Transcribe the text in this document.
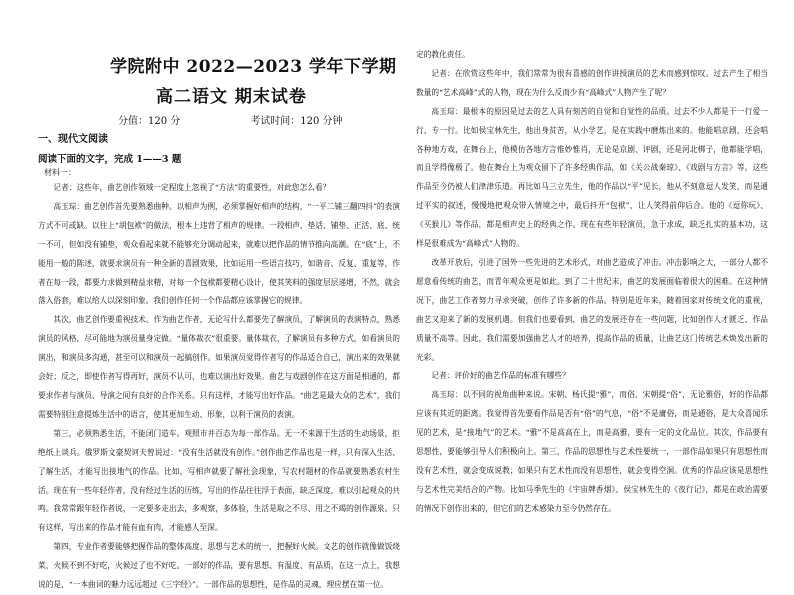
学院附中 2022—2023 学年下学期
高二语文 期末试卷
分值：120 分	考试时间：120 分钟
一、现代文阅读
阅读下面的文字，完成 1——3 题
材料一：

记者：这些年，曲艺创作领域一定程度上忽视了“方法”的重要性，对此您怎么看？

高玉琮：曲艺创作首先要熟悉曲种。以相声为例，必须掌握好相声的结构，“一平二铺三翻四抖”的表演方式不可或缺。以往上“胡包袱”的做法，根本上违背了相声的规律。一段相声，垫话、铺垫、正活、底、统一不可，但如没有铺垫，观众看起来就不能够充分调动起来，就难以把作品的情节推向高潮。在“底”上，不能用一般的陈述，就要求演员有一种全新的喜剧效果，比如运用一些语言技巧，如谐音、反复、重复等，作者在每一段，都要力求做到精益求精，对每一个包袱都要精心设计，使其笑料的强度层层递增，不然，就会落入俗套，难以给人以深刻印象。我们创作任何一个作品都应该掌握它的规律。

其次，曲艺创作要重视技术。作为曲艺作者，无论写什么都要先了解演员，了解演员的表演特点，熟悉演员的风格，尽可能地为演员量身定做。“量体裁衣”很重要。量体裁衣、了解演员有多种方式，如看演员的演出，和演员多沟通，甚至可以和演员一起搞创作。如果演员觉得作者写的作品适合自己，演出来的效果就会好；反之，即使作者写得再好，演员不认可，也难以演出好效果。曲艺与戏剧创作在这方面是相通的，都要求作者与演员、导演之间有良好的合作关系。只有这样，才能写出好作品。“曲艺是最大众的艺术”，我们需要特别注意提炼生活中的语言，使其更加生动、形象，以利于演员的表演。

第三，必须熟悉生活，不能闭门造车。观照市井百态为每一部作品。无一不来源于生活的生动场景，拒绝纸上谈兵。俄罗斯文豪契诃夫曾说过：“没有生活就没有创作。”创作曲艺作品也是一样，只有深入生活、了解生活，才能写出接地气的作品。比如，写相声就要了解社会现象，写农村题材的作品就要熟悉农村生活。现在有一些年轻作者，没有经过生活的历练，写出的作品往往浮于表面，缺乏深度，难以引起观众的共鸣。我常常跟年轻作者说，一定要多走出去，多观察，多体验，生活是取之不尽、用之不竭的创作源泉。只有这样，写出来的作品才能有血有肉，才能感人至深。

第四，专业作者要能够把握作品的整体高度、思想与艺术的统一，把握好火候。文艺的创作就像做饭烧菜，火候不到不好吃，火候过了也不好吃。一部好的作品，要有思想、有温度、有品质。在这一点上，我想说的是，“一本曲词的魅力远远超过《三字经》”。一部作品的思想性，是作品的灵魂，理应摆在第一位。

定的教化责任。

记者：在欣赏这些年中，我们常常为很有喜感的创作讲授演员的艺术而感到惊叹。过去产生了相当数量的“艺术高峰”式的人物，现在为什么反而少有“高峰式”人物产生了呢？

高玉琮：最根本的原因是过去的艺人具有刻苦的自觉和自觉性的品质。过去不少人都是干一行爱一行，专一行。比如侯宝林先生，他出身贫苦，从小学艺，是在实践中磨炼出来的。他能唱京剧，还会唱各种地方戏，在舞台上，他模仿各地方言惟妙惟肖，无论是京剧、评剧，还是河北梆子，他都能学唱，而且学得像极了。他在舞台上为观众留下了许多经典作品，如《关公战秦琼》、《戏剧与方言》等。这些作品至今仍被人们津津乐道。再比如马三立先生，他的作品以“平”见长，他从不刻意逗人发笑，而是通过平实的叙述，慢慢地把观众带入情境之中，最后抖开“包袱”，让人笑得前仰后合。他的《逗你玩》、《买猴儿》等作品，都是相声史上的经典之作。现在有些年轻演员，急于求成，缺乏扎实的基本功，这样是很难成为“高峰式”人物的。

改革开放后，引进了国外一些先进的艺术形式，对曲艺造成了冲击。冲击影响之大，一部分人都不愿意看传统的曲艺，而青年观众更是如此。到了二十世纪末，曲艺的发展面临着很大的困难。在这种情况下，曲艺工作者努力寻求突破，创作了许多新的作品。特别是近年来，随着国家对传统文化的重视，曲艺又迎来了新的发展机遇。但我们也要看到，曲艺的发展还存在一些问题，比如创作人才匮乏、作品质量不高等。因此，我们需要加强曲艺人才的培养，提高作品的质量，让曲艺这门传统艺术焕发出新的光彩。

记者：评价好的曲艺作品的标准有哪些？

高玉琮：以不同的视角曲种来说。宋朝、杨氏提“雅”，而俗、宋朝提“俗”，无论雅俗，好的作品都应该有其近的距离。我觉得首先要看作品是否有“俗”的气息，“俗”不是庸俗，而是通俗，是大众喜闻乐见的艺术，是“接地气”的艺术。“雅”不是高高在上，而是高雅，要有一定的文化品位。其次，作品要有思想性，要能够引导人们积极向上。第三，作品的思想性与艺术性要统一，一部作品如果只有思想性而没有艺术性，就会变成说教；如果只有艺术性而没有思想性，就会变得空洞。优秀的作品应该是思想性与艺术性完美结合的产物。比如马季先生的《宇宙牌香烟》、侯宝林先生的《夜行记》，都是在政治需要的情况下创作出来的，但它们的艺术感染力至今仍然存在。
